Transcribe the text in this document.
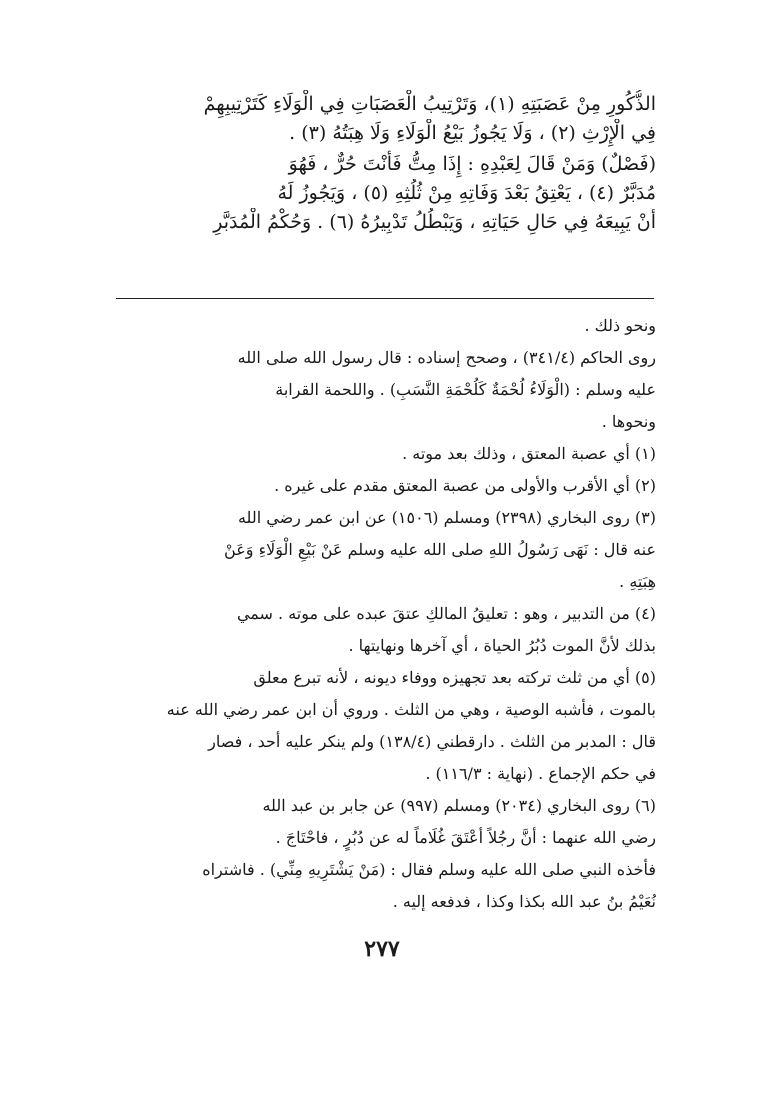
الذُّكُورِ مِنْ عَصَبَتِهِ (١)، وَتَرْتِيبُ الْعَصَبَاتِ فِي الْوَلَاءِ كَتَرْتِيبِهِمْ

فِي الْإِرْثِ (٢) ، وَلَا يَجُوزُ بَيْعُ الْوَلَاءِ وَلَا هِبَتُهُ (٣) .

(فَصْلٌ) وَمَنْ قَالَ لِعَبْدِهِ : إِذَا مِتُّ فَأَنْتَ حُرٌّ ، فَهُوَ

مُدَبَّرٌ (٤) ، يَعْتِقُ بَعْدَ وَفَاتِهِ مِنْ ثُلُثِهِ (٥) ، وَيَجُوزُ لَهُ

أَنْ يَبِيعَهُ فِي حَالِ حَيَاتِهِ ، وَيَبْطُلُ تَدْبِيرُهُ (٦) . وَحُكْمُ الْمُدَبَّرِ

ونحو ذلك .

روى الحاكم (٣٤١/٤) ، وصحح إسناده : قال رسول الله صلى الله

عليه وسلم : (الْوَلَاءُ لُحْمَةٌ كَلُحْمَةِ النَّسَبِ) . واللحمة القرابة

ونحوها .

(١) أي عصبة المعتق ، وذلك بعد موته .

(٢) أي الأقرب والأولى من عصبة المعتق مقدم على غيره .

(٣) روى البخاري (٢٣٩٨) ومسلم (١٥٠٦) عن ابن عمر رضي الله

عنه قال : نَهَى رَسُولُ اللهِ صلى الله عليه وسلم عَنْ بَيْعِ الْوَلَاءِ وَعَنْ

هِبَتِهِ .

(٤) من التدبير ، وهو : تعليقُ المالكِ عتقَ عبده على موته . سمي

بذلك لأنَّ الموت دُبُرُ الحياة ، أي آخرها ونهايتها .

(٥) أي من ثلث تركته بعد تجهيزه ووفاء ديونه ، لأنه تبرع معلق

بالموت ، فأشبه الوصية ، وهي من الثلث . وروي أن ابن عمر رضي الله عنه

قال : المدبر من الثلث . دارقطني (١٣٨/٤) ولم ينكر عليه أحد ، فصار

في حكم الإجماع . (نهاية : ١١٦/٣) .

(٦) روى البخاري (٢٠٣٤) ومسلم (٩٩٧) عن جابر بن عبد الله

رضي الله عنهما : أنَّ رجُلاً أعْتَقَ غُلَاماً له عن دُبُرٍ ، فاحْتَاجَ .

فأخذه النبي صلى الله عليه وسلم فقال : (مَنْ يَشْتَرِيهِ مِنِّي) . فاشتراه

نُعَيْمُ بنُ عبد الله بكذا وكذا ، فدفعه إليه .

٢٧٧
